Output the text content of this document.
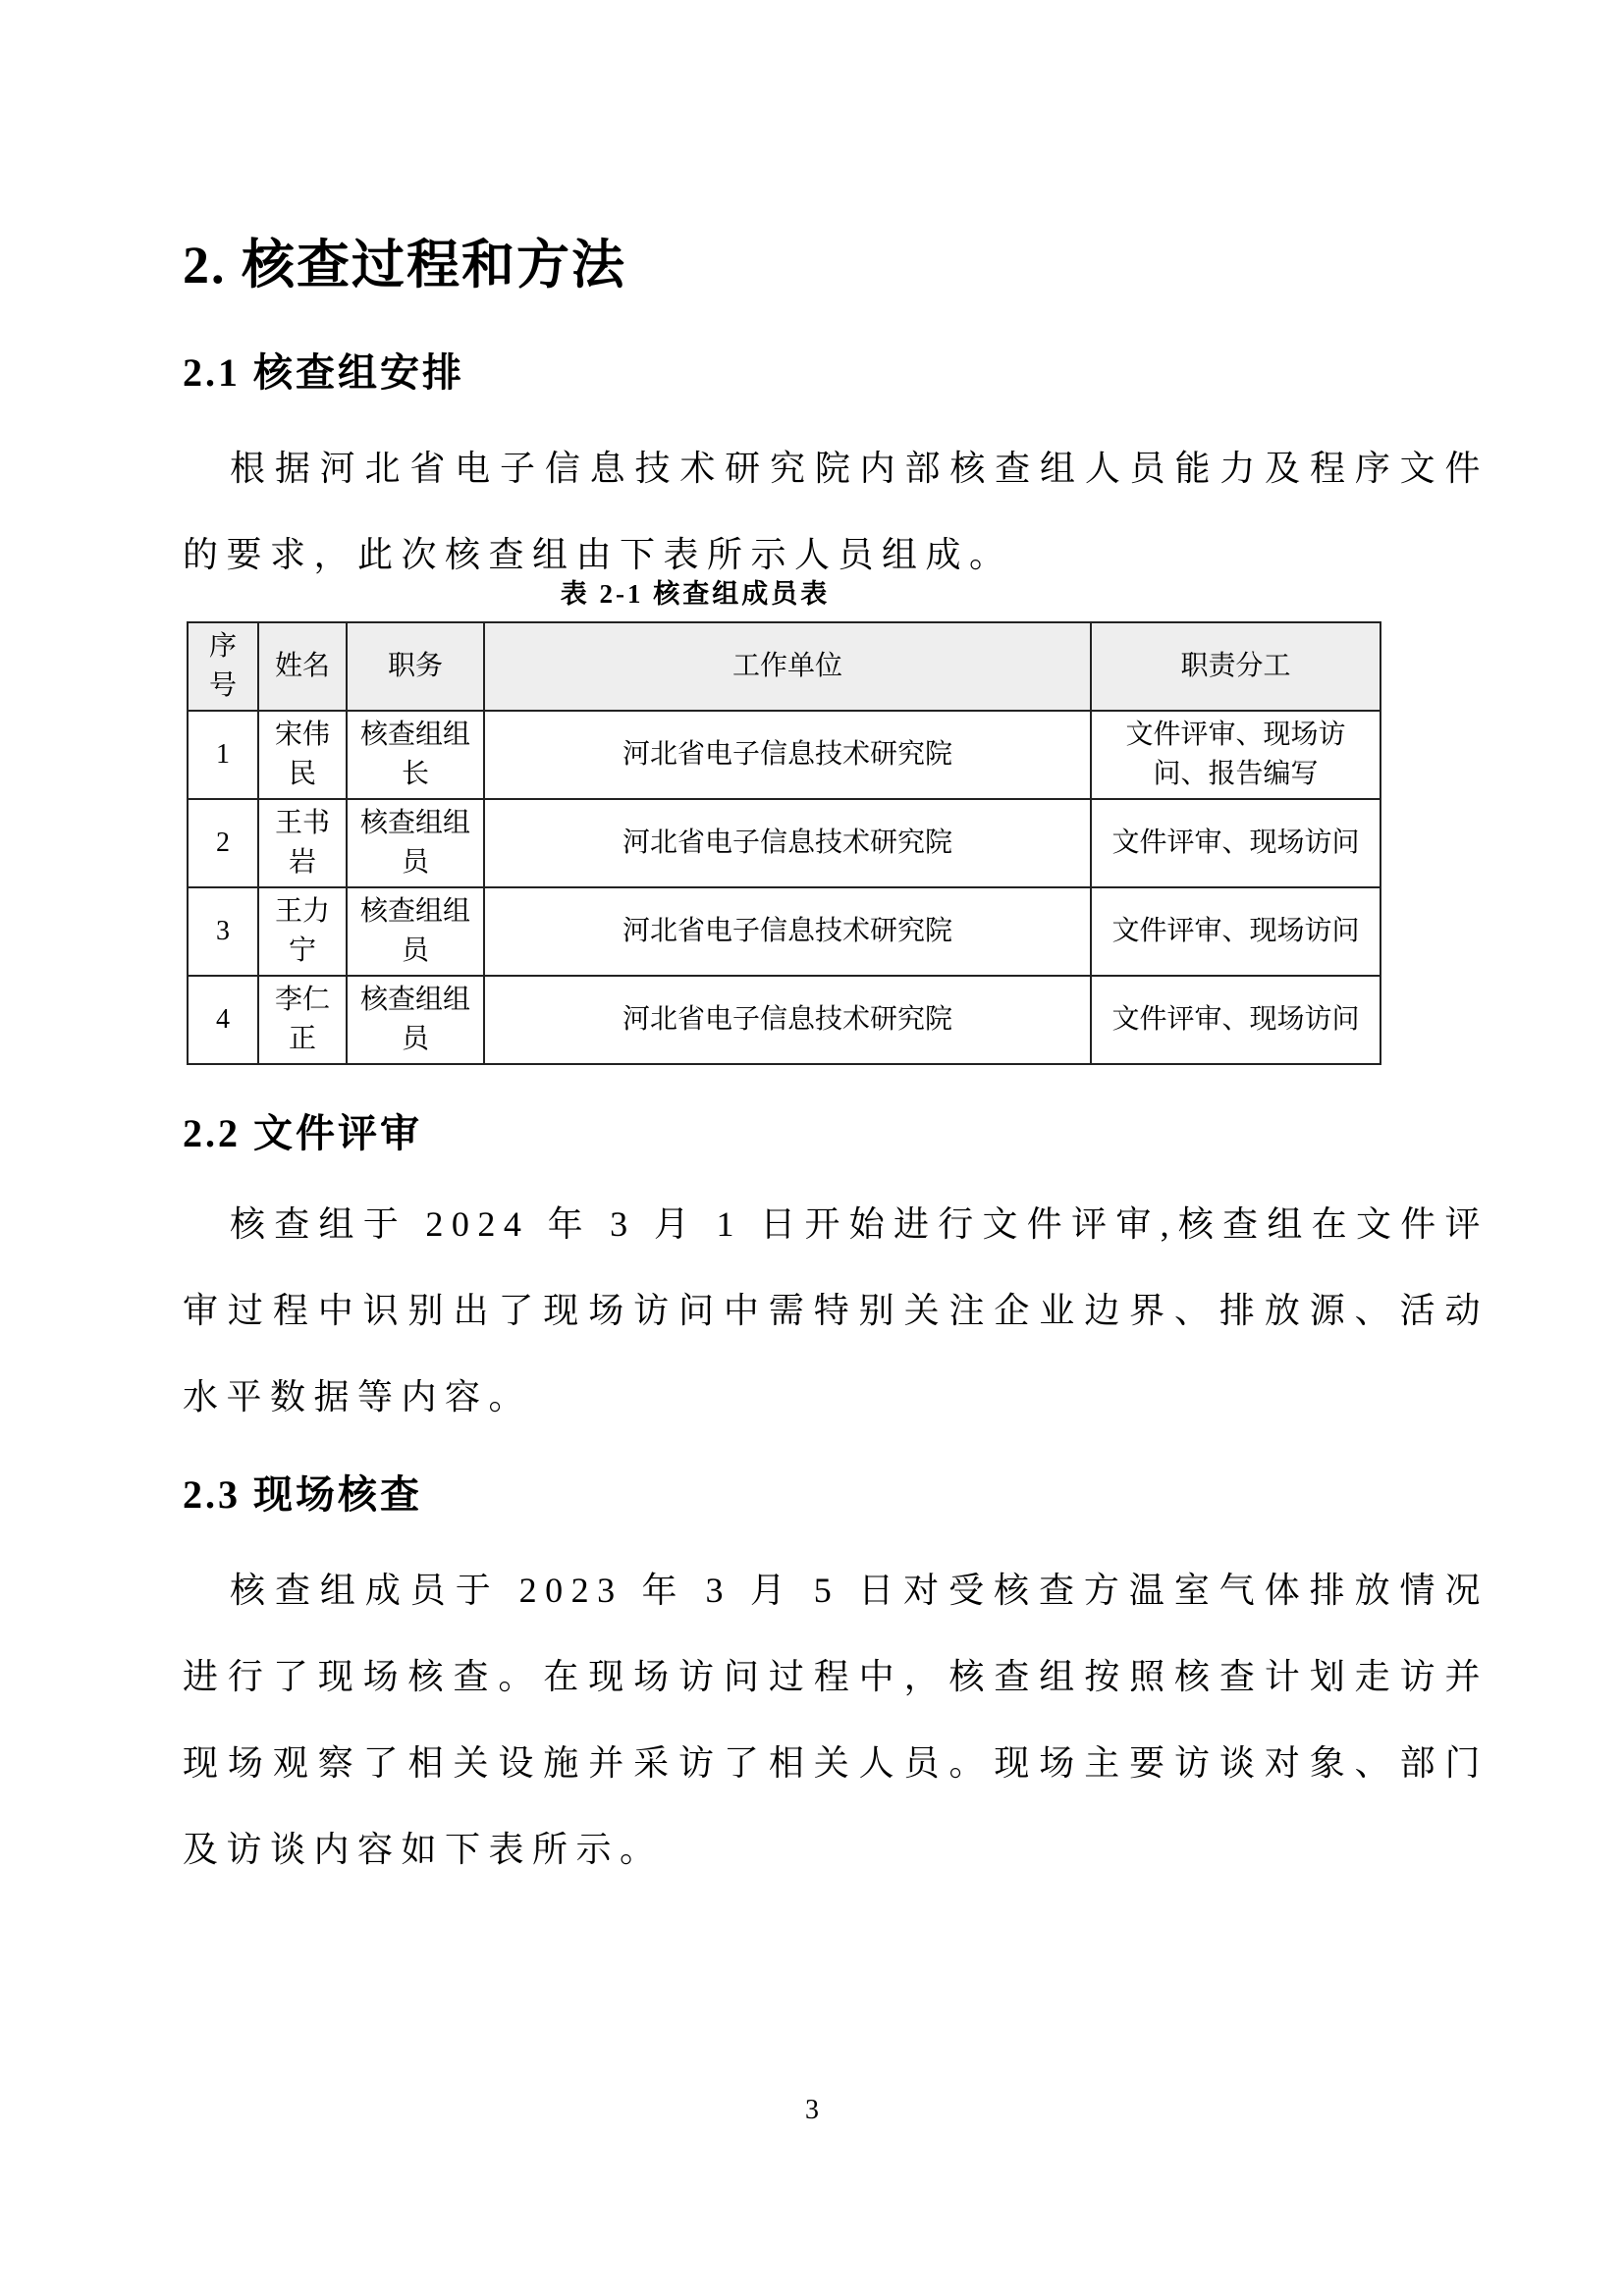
2. 核查过程和方法
2.1 核查组安排

根据河北省电子信息技术研究院内部核查组人员能力及程序文件的要求，此次核查组由下表所示人员组成。

表 2-1 核查组成员表
序号	姓名	职务	工作单位	职责分工
1	宋伟民	核查组组长	河北省电子信息技术研究院	文件评审、现场访问、报告编写
2	王书岩	核查组组员	河北省电子信息技术研究院	文件评审、现场访问
3	王力宁	核查组组员	河北省电子信息技术研究院	文件评审、现场访问
4	李仁正	核查组组员	河北省电子信息技术研究院	文件评审、现场访问
2.2 文件评审

核查组于 2024 年 3 月 1 日开始进行文件评审,核查组在文件评审过程中识别出了现场访问中需特别关注企业边界、排放源、活动水平数据等内容。

2.3 现场核查

核查组成员于 2023 年 3 月 5 日对受核查方温室气体排放情况进行了现场核查。在现场访问过程中，核查组按照核查计划走访并现场观察了相关设施并采访了相关人员。现场主要访谈对象、部门及访谈内容如下表所示。

3
